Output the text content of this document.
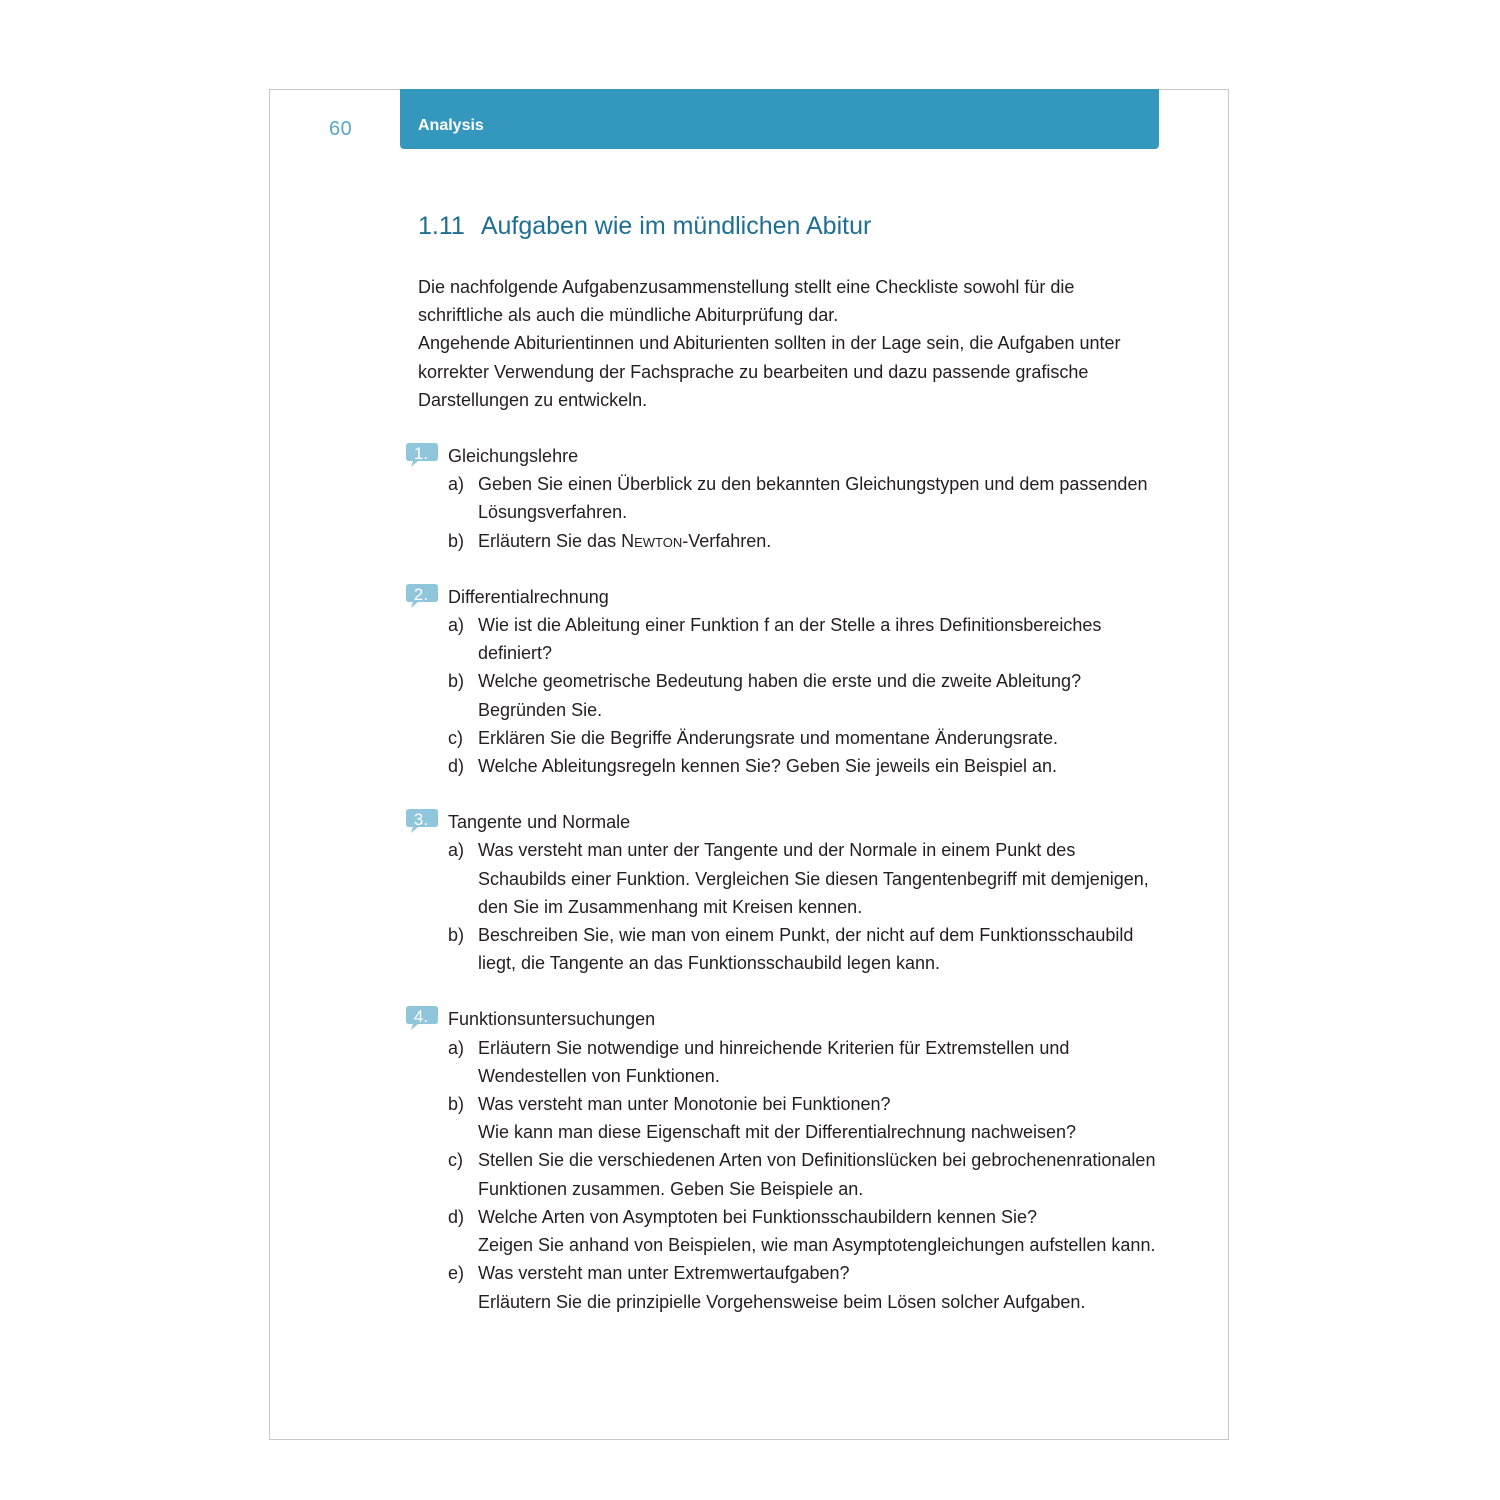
60	Analysis
1.11 Aufgaben wie im mündlichen Abitur

Die nachfolgende Aufgabenzusammenstellung stellt eine Checkliste sowohl für die schriftliche als auch die mündliche Abiturprüfung dar.

Angehende Abiturientinnen und Abiturienten sollten in der Lage sein, die Aufgaben unter korrekter Verwendung der Fachsprache zu bearbeiten und dazu passende grafische Darstellungen zu entwickeln.

1.	Gleichungslehre
a) Geben Sie einen Überblick zu den bekannten Gleichungstypen und dem passenden Lösungsverfahren.
b) Erläutern Sie das Newton-Verfahren.
2.	Differentialrechnung
a) Wie ist die Ableitung einer Funktion f an der Stelle a ihres Definitionsbereiches definiert?
b) Welche geometrische Bedeutung haben die erste und die zweite Ableitung?
Begründen Sie.
c) Erklären Sie die Begriffe Änderungsrate und momentane Änderungsrate.
d) Welche Ableitungsregeln kennen Sie? Geben Sie jeweils ein Beispiel an.
3.	Tangente und Normale
a) Was versteht man unter der Tangente und der Normale in einem Punkt des Schaubilds einer Funktion. Vergleichen Sie diesen Tangentenbegriff mit demjenigen, den Sie im Zusammenhang mit Kreisen kennen.
b) Beschreiben Sie, wie man von einem Punkt, der nicht auf dem Funktionsschaubild liegt, die Tangente an das Funktionsschaubild legen kann.
4.	Funktionsuntersuchungen
a) Erläutern Sie notwendige und hinreichende Kriterien für Extremstellen und Wendestellen von Funktionen.
b) Was versteht man unter Monotonie bei Funktionen?
Wie kann man diese Eigenschaft mit der Differentialrechnung nachweisen?
c) Stellen Sie die verschiedenen Arten von Definitionslücken bei gebrochenenrationalen Funktionen zusammen. Geben Sie Beispiele an.
d) Welche Arten von Asymptoten bei Funktionsschaubildern kennen Sie?
Zeigen Sie anhand von Beispielen, wie man Asymptotengleichungen aufstellen kann.
e) Was versteht man unter Extremwertaufgaben?
Erläutern Sie die prinzipielle Vorgehensweise beim Lösen solcher Aufgaben.
